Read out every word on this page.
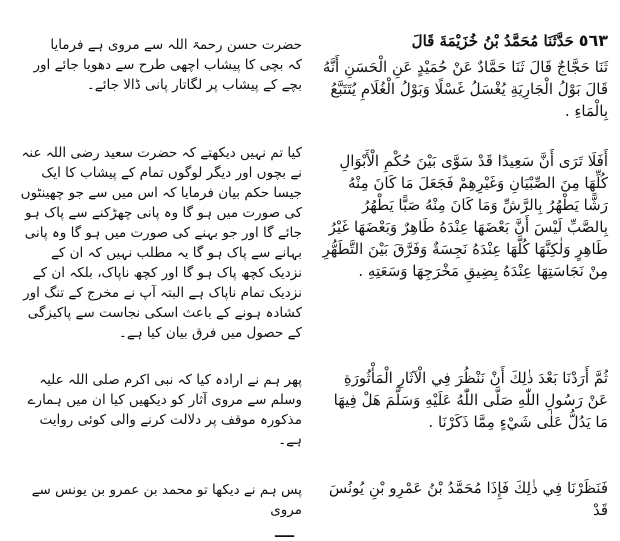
حضرت حسن رحمۃ اللہ سے مروی ہے فرمایا کہ بچی کا پیشاب اچھی طرح سے دھویا جائے اور بچے کے پیشاب پر لگاتار پانی ڈالا جائے۔

کیا تم نہیں دیکھتے کہ حضرت سعید رضی اللہ عنہ نے بچوں اور دیگر لوگوں تمام کے پیشاب کا ایک جیسا حکم بیان فرمایا کہ اس میں سے جو چھینٹوں کی صورت میں ہو گا وہ پانی چھڑکنے سے پاک ہو جائے گا اور جو بہنے کی صورت میں ہو گا وہ پانی بہانے سے پاک ہو گا یہ مطلب نہیں کہ ان کے نزدیک کچھ پاک ہو گا اور کچھ ناپاک، بلکہ ان کے نزدیک تمام ناپاک ہے البتہ آپ نے مخرج کے تنگ اور کشادہ ہونے کے باعث اسکی نجاست سے پاکیزگی کے حصول میں فرق بیان کیا ہے۔

پھر ہم نے ارادہ کیا کہ نبی اکرم صلی اللہ علیہ وسلم سے مروی آثار کو دیکھیں کیا ان میں ہمارے مذکورہ موقف پر دلالت کرنے والی کوئی روایت ہے۔

پس ہم نے دیکھا تو محمد بن عمرو بن یونس سے مروی

ــــ

٥٦٣ حَدَّثَنَا مُحَمَّدُ بْنُ خُزَيْمَةَ قَالَ

ثَنَا حَجَّاجٌ قَالَ ثَنَا حَمَّادٌ عَنْ حُمَيْدٍ عَنِ الْحَسَنِ أَنَّهُ قَالَ بَوْلُ الْجَارِيَةِ يُغْسَلُ غَسْلًا وَبَوْلُ الْغُلَامِ يُتَتَبَّعُ بِالْمَاءِ .

أَفَلَا تَرَى أَنَّ سَعِيدًا قَدْ سَوَّى بَيْنَ حُكْمِ الْأَبْوَالِ كُلِّهَا مِنَ الصِّبْيَانِ وَغَيْرِهِمْ فَجَعَلَ مَا كَانَ مِنْهُ رَشًّا يَطْهُرُ بِالرَّشِّ وَمَا كَانَ مِنْهُ صَبًّا يَطْهُرُ بِالصَّبِّ لَيْسَ أَنَّ بَعْضَهَا عِنْدَهُ طَاهِرٌ وَبَعْضَهَا غَيْرُ طَاهِرٍ وَلٰكِنَّهَا كُلَّهَا عِنْدَهُ نَجِسَةٌ وَفَرَّقَ بَيْنَ التَّطَهُّرِ مِنْ نَجَاسَتِهَا عِنْدَهُ بِضِيقِ مَخْرَجِهَا وَسَعَتِهِ .

ثُمَّ أَرَدْنَا بَعْدَ ذٰلِكَ أَنْ نَنْظُرَ فِي الْآثَارِ الْمَأْثُورَةِ عَنْ رَسُولِ اللّٰهِ صَلَّى اللّٰهُ عَلَيْهِ وَسَلَّمَ هَلْ فِيهَا مَا يَدُلُّ عَلٰى شَيْءٍ مِمَّا ذَكَرْنَا .

فَنَظَرْنَا فِي ذٰلِكَ فَإِذَا مُحَمَّدُ بْنُ عَمْرِو بْنِ يُونُسَ قَدْ
